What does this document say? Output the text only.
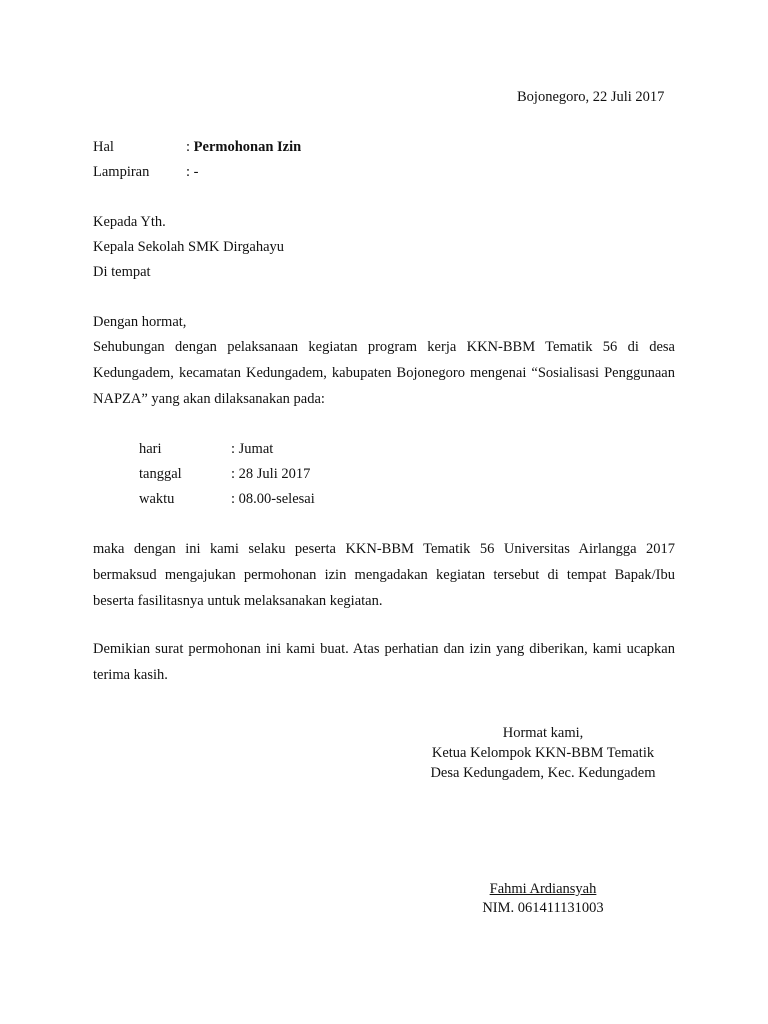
Bojonegoro, 22 Juli 2017
Hal	: Permohonan Izin
Lampiran	: -
Kepada Yth.
Kepala Sekolah SMK Dirgahayu
Di tempat
Dengan hormat,

Sehubungan dengan pelaksanaan kegiatan program kerja KKN-BBM Tematik 56 di desa Kedungadem, kecamatan Kedungadem, kabupaten Bojonegoro mengenai “Sosialisasi Penggunaan NAPZA” yang akan dilaksanakan pada:

hari	: Jumat
tanggal	: 28 Juli 2017
waktu	: 08.00-selesai

maka dengan ini kami selaku peserta KKN-BBM Tematik 56 Universitas Airlangga 2017 bermaksud mengajukan permohonan izin mengadakan kegiatan tersebut di tempat Bapak/Ibu beserta fasilitasnya untuk melaksanakan kegiatan.

Demikian surat permohonan ini kami buat. Atas perhatian dan izin yang diberikan, kami ucapkan terima kasih.

Hormat kami,
Ketua Kelompok KKN-BBM Tematik
Desa Kedungadem, Kec. Kedungadem
Fahmi Ardiansyah
NIM. 061411131003
